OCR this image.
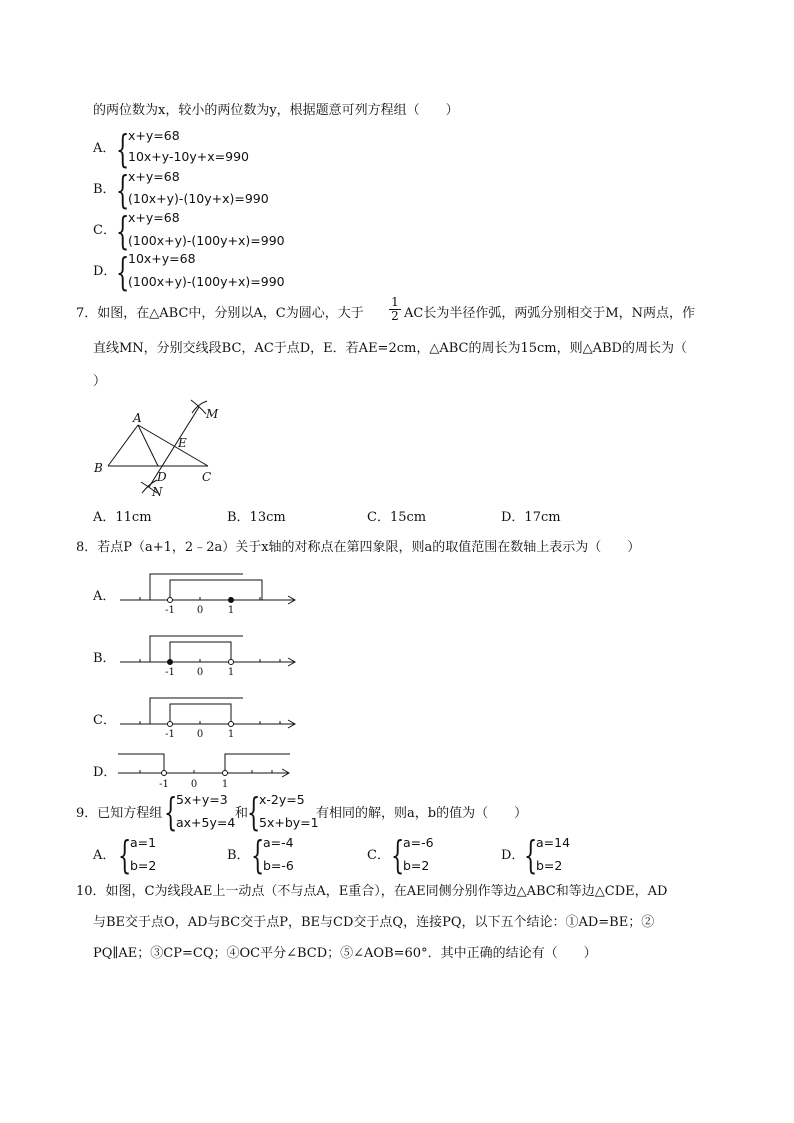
的两位数为x，较小的两位数为y，根据题意可列方程组（　　）
A． {
x+y=68
10x+y-10y+x=990
B． {
x+y=68
(10x+y)-(10y+x)=990
C． {
x+y=68
(100x+y)-(100y+x)=990
D． {
10x+y=68
(100x+y)-(100y+x)=990
7．如图，在△ABC中，分别以A，C为圆心，大于 $\frac{1}{2}$ AC长为半径作弧，两弧分别相交于M，N两点，作
直线MN，分别交线段BC，AC于点D，E．若AE=2cm，△ABC的周长为15cm，则△ABD的周长为（
）
A
B
C
D
E
M
N
A．11cm	B．13cm	C．15cm	D．17cm
8．若点P（a+1，2﹣2a）关于x轴的对称点在第四象限，则a的取值范围在数轴上表示为（　　）
A．
-1 0 1
B．
-1 0 1
C．
-1 0 1
D．
-1 0 1
9．已知方程组 {
5x+y=3
ax+5y=4
和
{
x-2y=5
5x+by=1
有相同的解，则a，b的值为（　　）
A． {
a=1
b=2
B． {
a=-4
b=-6
C． {
a=-6
b=2
D． {
a=14
b=2
10．如图，C为线段AE上一动点（不与点A，E重合），在AE同侧分别作等边△ABC和等边△CDE，AD
与BE交于点O，AD与BC交于点P，BE与CD交于点Q，连接PQ，以下五个结论：①AD=BE；②
PQ∥AE；③CP=CQ；④OC平分∠BCD；⑤∠AOB=60°．其中正确的结论有（　　）
